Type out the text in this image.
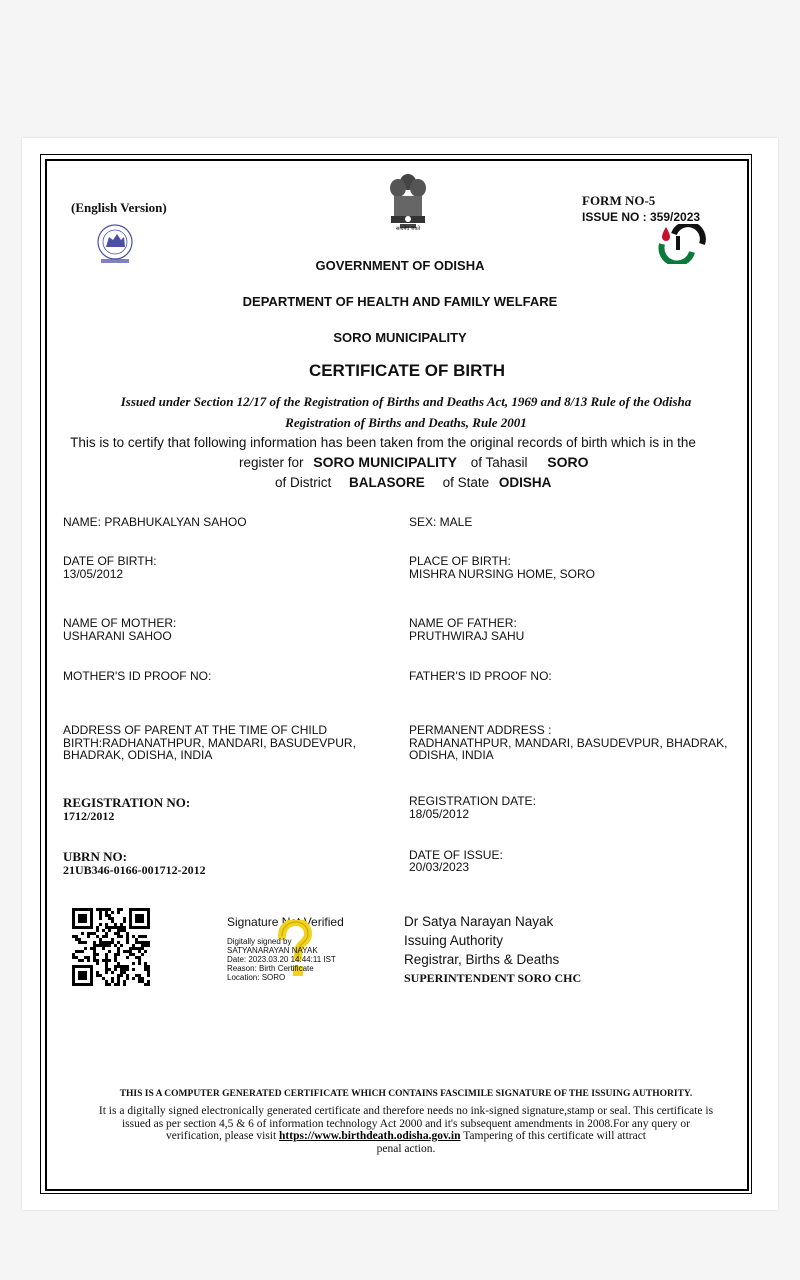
(English Version)
सत्यमेव जयते
FORM NO-5
ISSUE NO : 359/2023
GOVERNMENT OF ODISHA
DEPARTMENT OF HEALTH AND FAMILY WELFARE
SORO MUNICIPALITY
CERTIFICATE OF BIRTH
Issued under Section 12/17 of the Registration of Births and Deaths Act, 1969 and 8/13 Rule of the Odisha
Registration of Births and Deaths, Rule 2001
This is to certify that following information has been taken from the original records of birth which is in the
register for SORO MUNICIPALITY of Tahasil SORO
of District BALASORE of State ODISHA
NAME: PRABHUKALYAN SAHOO
DATE OF BIRTH:
13/05/2012
NAME OF MOTHER:
USHARANI SAHOO
MOTHER'S ID PROOF NO:
ADDRESS OF PARENT AT THE TIME OF CHILD
BIRTH:RADHANATHPUR, MANDARI, BASUDEVPUR,
BHADRAK, ODISHA, INDIA
REGISTRATION NO:
1712/2012
UBRN NO:
21UB346-0166-001712-2012
SEX: MALE
PLACE OF BIRTH:
MISHRA NURSING HOME, SORO
NAME OF FATHER:
PRUTHWIRAJ SAHU
FATHER'S ID PROOF NO:
PERMANENT ADDRESS :
RADHANATHPUR, MANDARI, BASUDEVPUR, BHADRAK,
ODISHA, INDIA
REGISTRATION DATE:
18/05/2012
DATE OF ISSUE:
20/03/2023
Signature Not Verified
Digitally signed by
SATYANARAYAN NAYAK
Date: 2023.03.20 14:44:11 IST
Reason: Birth Certificate
Location: SORO
Dr Satya Narayan Nayak
Issuing Authority
Registrar, Births & Deaths
SUPERINTENDENT SORO CHC
THIS IS A COMPUTER GENERATED CERTIFICATE WHICH CONTAINS FASCIMILE SIGNATURE OF THE ISSUING AUTHORITY.
It is a digitally signed electronically generated certificate and therefore needs no ink-signed signature,stamp or seal. This certificate is
issued as per section 4,5 & 6 of information technology Act 2000 and it's subsequent amendments in 2008.For any query or
verification, please visit https://www.birthdeath.odisha.gov.in Tampering of this certificate will attract
penal action.
